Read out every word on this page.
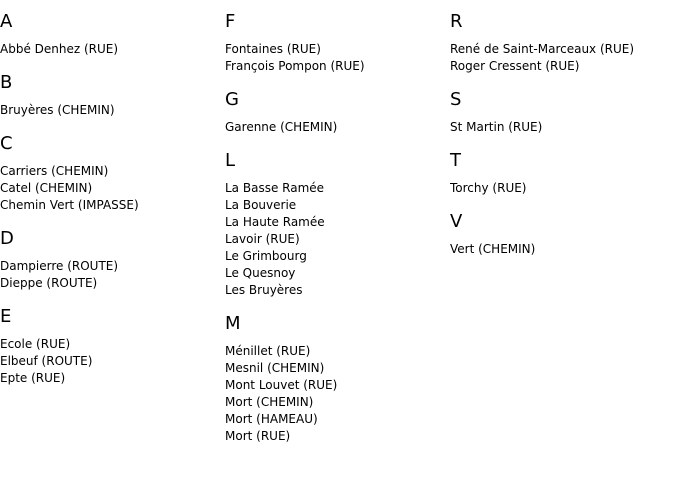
A
Abbé Denhez (RUE)
B
Bruyères (CHEMIN)
C
Carriers (CHEMIN)
Catel (CHEMIN)
Chemin Vert (IMPASSE)
D
Dampierre (ROUTE)
Dieppe (ROUTE)
E
Ecole (RUE)
Elbeuf (ROUTE)
Epte (RUE)
F
Fontaines (RUE)
François Pompon (RUE)
G
Garenne (CHEMIN)
L
La Basse Ramée
La Bouverie
La Haute Ramée
Lavoir (RUE)
Le Grimbourg
Le Quesnoy
Les Bruyères
M
Ménillet (RUE)
Mesnil (CHEMIN)
Mont Louvet (RUE)
Mort (CHEMIN)
Mort (HAMEAU)
Mort (RUE)
R
René de Saint-Marceaux (RUE)
Roger Cressent (RUE)
S
St Martin (RUE)
T
Torchy (RUE)
V
Vert (CHEMIN)
